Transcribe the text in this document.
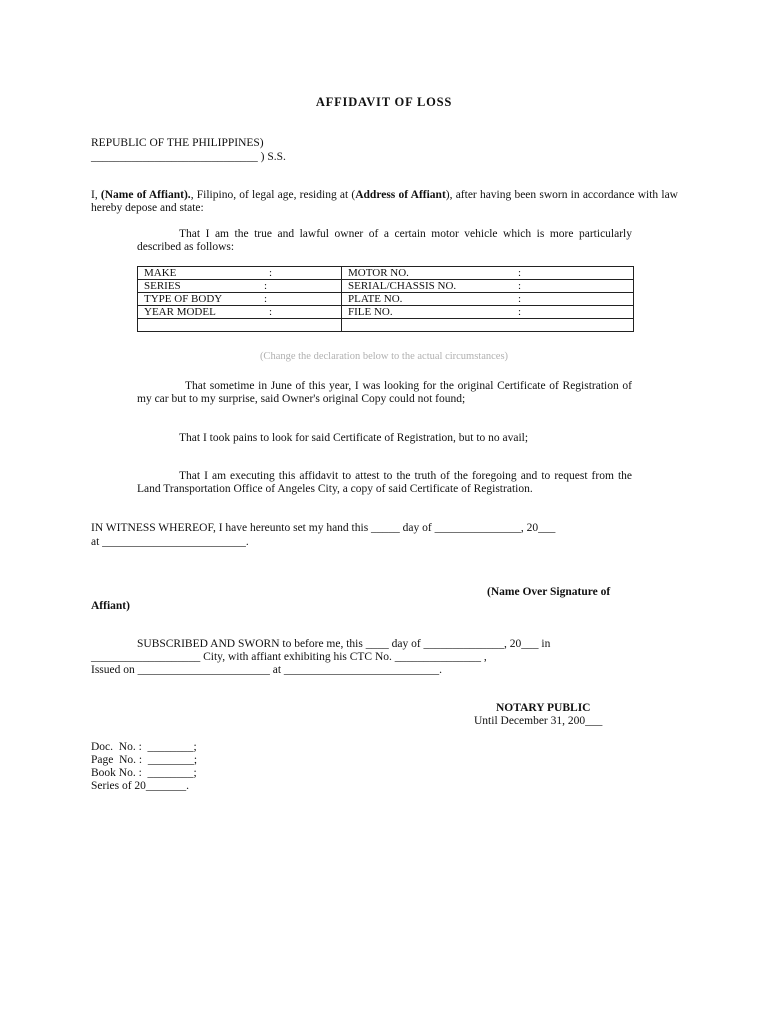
AFFIDAVIT OF LOSS
REPUBLIC OF THE PHILIPPINES)
_____________________________ ) S.S.
I, (Name of Affiant)., Filipino, of legal age, residing at (Address of Affiant), after having been sworn in accordance with law hereby depose and state:
That I am the true and lawful owner of a certain motor vehicle which is more particularly described as follows:
MAKE :	MOTOR NO. :
SERIES :	SERIAL/CHASSIS NO. :
TYPE OF BODY :	PLATE NO. :
YEAR MODEL :	FILE NO. :

(Change the declaration below to the actual circumstances)
That sometime in June of this year, I was looking for the original Certificate of Registration of my car but to my surprise, said Owner's original Copy could not found;
That I took pains to look for said Certificate of Registration, but to no avail;
That I am executing this affidavit to attest to the truth of the foregoing and to request from the Land Transportation Office of Angeles City, a copy of said Certificate of Registration.
IN WITNESS WHEREOF, I have hereunto set my hand this _____ day of _______________, 20___
at _________________________.
(Name Over Signature of
Affiant)
SUBSCRIBED AND SWORN to before me, this ____ day of ______________, 20___ in
___________________ City, with affiant exhibiting his CTC No. _______________ ,
Issued on _______________________ at ___________________________.
NOTARY PUBLIC
Until December 31, 200___
Doc.  No. :  ________;
Page  No. :  ________;
Book No. :  ________;
Series of 20_______.
